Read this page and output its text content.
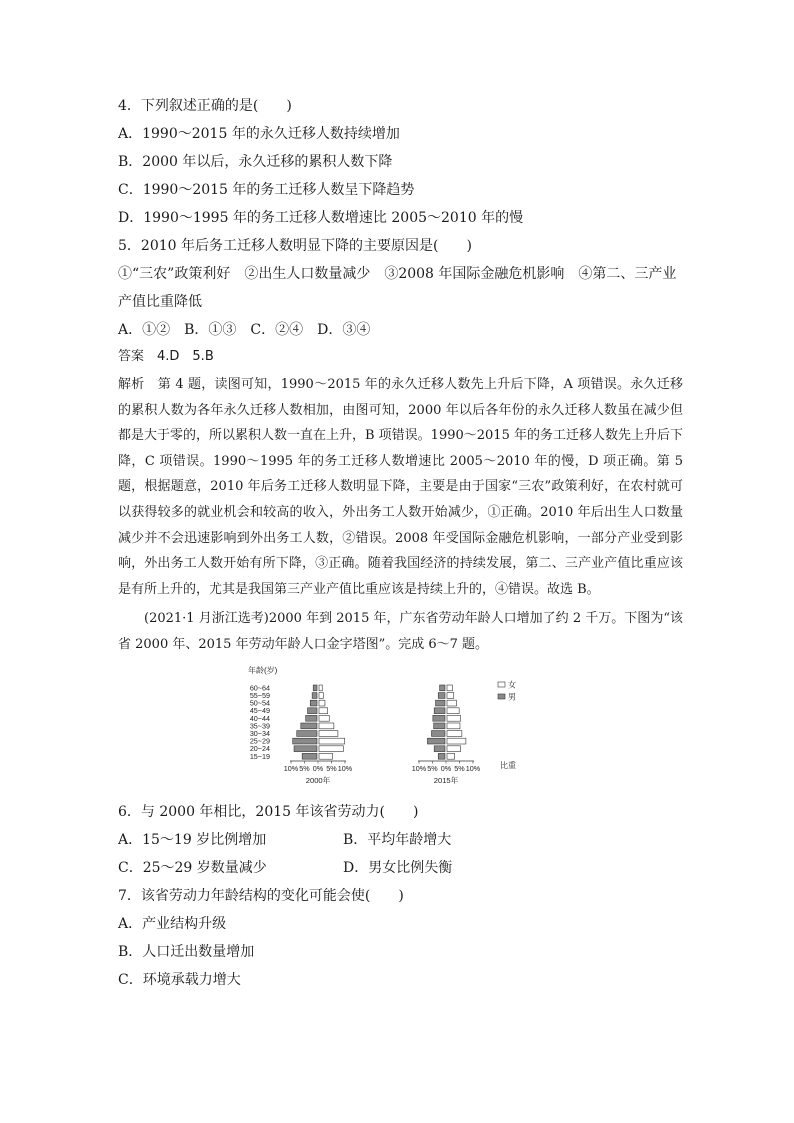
4．下列叙述正确的是(　　)
A．1990～2015 年的永久迁移人数持续增加
B．2000 年以后，永久迁移的累积人数下降
C．1990～2015 年的务工迁移人数呈下降趋势
D．1990～1995 年的务工迁移人数增速比 2005～2010 年的慢
5．2010 年后务工迁移人数明显下降的主要原因是(　　)
①“三农”政策利好　②出生人口数量减少　③2008 年国际金融危机影响　④第二、三产业产值比重降低
A．①②　B．①③　C．②④　D．③④
答案　4.D　5.B
解析　第 4 题，读图可知，1990～2015 年的永久迁移人数先上升后下降，A 项错误。永久迁移的累积人数为各年永久迁移人数相加，由图可知，2000 年以后各年份的永久迁移人数虽在减少但都是大于零的，所以累积人数一直在上升，B 项错误。1990～2015 年的务工迁移人数先上升后下降，C 项错误。1990～1995 年的务工迁移人数增速比 2005～2010 年的慢，D 项正确。第 5 题，根据题意，2010 年后务工迁移人数明显下降，主要是由于国家“三农”政策利好，在农村就可以获得较多的就业机会和较高的收入，外出务工人数开始减少，①正确。2010 年后出生人口数量减少并不会迅速影响到外出务工人数，②错误。2008 年受国际金融危机影响，一部分产业受到影响，外出务工人数开始有所下降，③正确。随着我国经济的持续发展，第二、三产业产值比重应该是有所上升的，尤其是我国第三产业产值比重应该是持续上升的，④错误。故选 B。
(2021·1 月浙江选考)2000 年到 2015 年，广东省劳动年龄人口增加了约 2 千万。下图为“该省 2000 年、2015 年劳动年龄人口金字塔图”。完成 6～7 题。
年龄(岁)
15~19
20~24
25~29
30~34
35~39
40~44
45~49
50~54
55~59
60~64
10% 5% 0% 5% 10%
2000年
10% 5% 0% 5% 10%
2015年
比重
女
男
6．与 2000 年相比，2015 年该省劳动力(　　)
A．15～19 岁比例增加	B．平均年龄增大
C．25～29 岁数量减少	D．男女比例失衡
7．该省劳动力年龄结构的变化可能会使(　　)
A．产业结构升级
B．人口迁出数量增加
C．环境承载力增大
